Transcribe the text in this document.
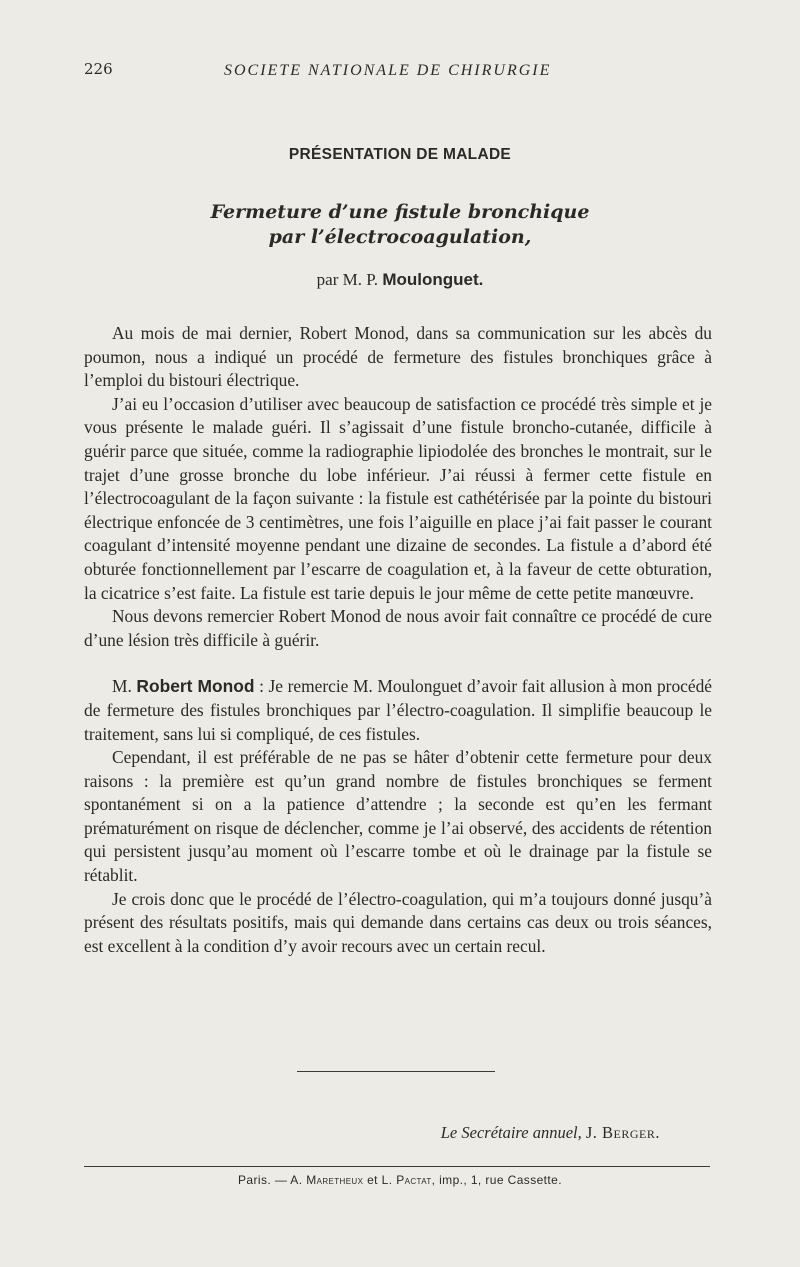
226	SOCIETE NATIONALE DE CHIRURGIE
PRÉSENTATION DE MALADE
Fermeture d’une fistule bronchique
par l’électrocoagulation,
par M. P. Moulonguet.

Au mois de mai dernier, Robert Monod, dans sa communication sur les abcès du poumon, nous a indiqué un procédé de fermeture des fistules bronchiques grâce à l’emploi du bistouri électrique.

J’ai eu l’occasion d’utiliser avec beaucoup de satisfaction ce procédé très simple et je vous présente le malade guéri. Il s’agissait d’une fistule broncho-cutanée, difficile à guérir parce que située, comme la radiographie lipiodolée des bronches le montrait, sur le trajet d’une grosse bronche du lobe inférieur. J’ai réussi à fermer cette fistule en l’électrocoagulant de la façon suivante : la fistule est cathétérisée par la pointe du bistouri électrique enfoncée de 3 centimètres, une fois l’aiguille en place j’ai fait passer le courant coagulant d’intensité moyenne pendant une dizaine de secondes. La fistule a d’abord été obturée fonctionnellement par l’escarre de coagulation et, à la faveur de cette obturation, la cicatrice s’est faite. La fistule est tarie depuis le jour même de cette petite manœuvre.

Nous devons remercier Robert Monod de nous avoir fait connaître ce procédé de cure d’une lésion très difficile à guérir.

M. Robert Monod : Je remercie M. Moulonguet d’avoir fait allusion à mon procédé de fermeture des fistules bronchiques par l’électro-coagulation. Il simplifie beaucoup le traitement, sans lui si compliqué, de ces fistules.

Cependant, il est préférable de ne pas se hâter d’obtenir cette fermeture pour deux raisons : la première est qu’un grand nombre de fistules bronchiques se ferment spontanément si on a la patience d’attendre ; la seconde est qu’en les fermant prématurément on risque de déclencher, comme je l’ai observé, des accidents de rétention qui persistent jusqu’au moment où l’escarre tombe et où le drainage par la fistule se rétablit.

Je crois donc que le procédé de l’électro-coagulation, qui m’a toujours donné jusqu’à présent des résultats positifs, mais qui demande dans certains cas deux ou trois séances, est excellent à la condition d’y avoir recours avec un certain recul.

Le Secrétaire annuel, J. Berger.
Paris. — A. Maretheux et L. Pactat, imp., 1, rue Cassette.
